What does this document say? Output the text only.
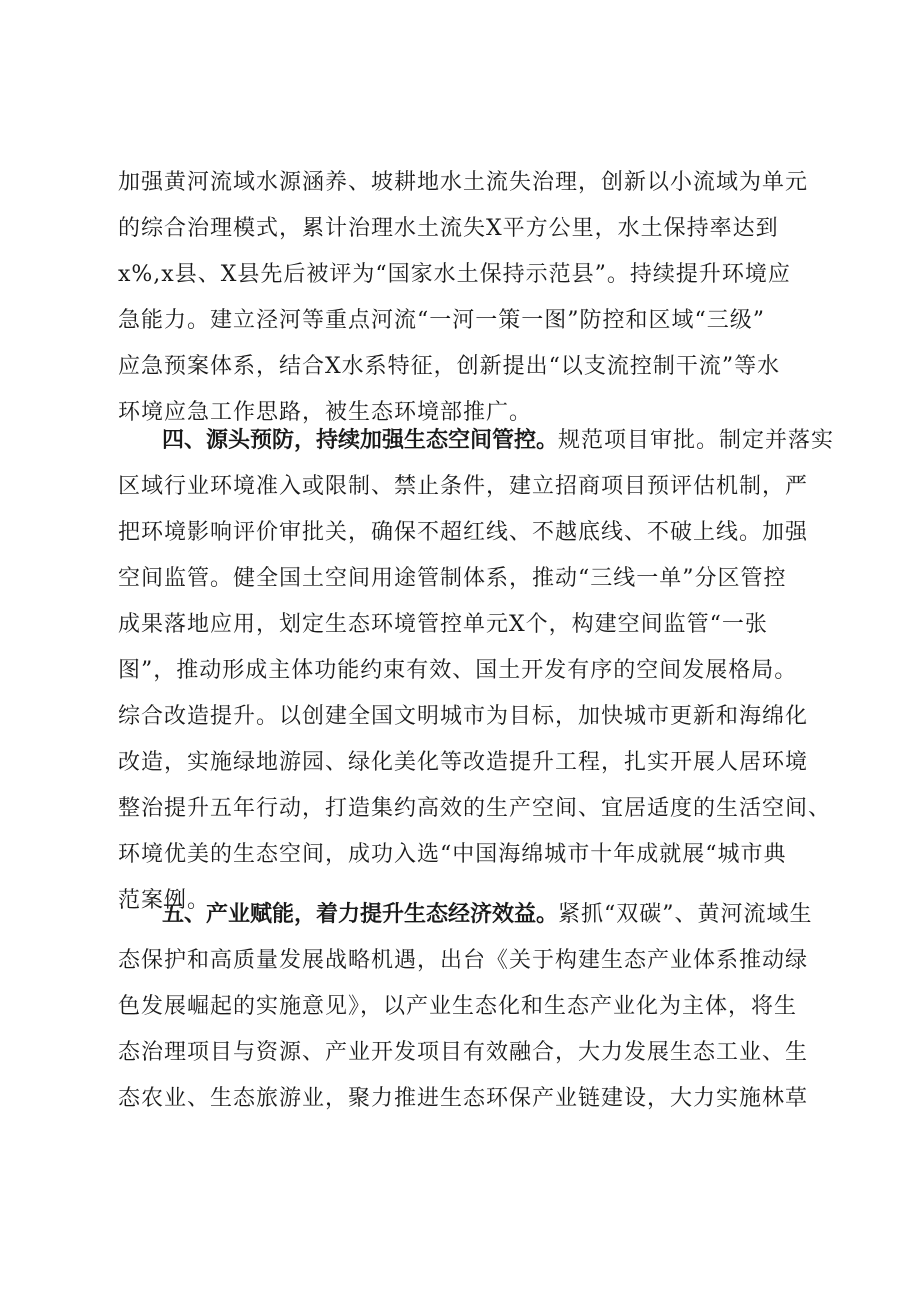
加强黄河流域水源涵养、坡耕地水土流失治理，创新以小流域为单元
的综合治理模式，累计治理水土流失X平方公里，水土保持率达到
x%,x县、X县先后被评为“国家水土保持示范县”。持续提升环境应
急能力。建立泾河等重点河流“一河一策一图”防控和区域“三级”
应急预案体系，结合X水系特征，创新提出“以支流控制干流”等水
环境应急工作思路，被生态环境部推广。
四、源头预防，持续加强生态空间管控。规范项目审批。制定并落实
区域行业环境准入或限制、禁止条件，建立招商项目预评估机制，严
把环境影响评价审批关，确保不超红线、不越底线、不破上线。加强
空间监管。健全国土空间用途管制体系，推动“三线一单”分区管控
成果落地应用，划定生态环境管控单元X个，构建空间监管“一张
图”，推动形成主体功能约束有效、国土开发有序的空间发展格局。
综合改造提升。以创建全国文明城市为目标，加快城市更新和海绵化
改造，实施绿地游园、绿化美化等改造提升工程，扎实开展人居环境
整治提升五年行动，打造集约高效的生产空间、宜居适度的生活空间、
环境优美的生态空间，成功入选“中国海绵城市十年成就展“城市典
范案例。
五、产业赋能，着力提升生态经济效益。紧抓“双碳”、黄河流域生
态保护和高质量发展战略机遇，出台《关于构建生态产业体系推动绿
色发展崛起的实施意见》，以产业生态化和生态产业化为主体，将生
态治理项目与资源、产业开发项目有效融合，大力发展生态工业、生
态农业、生态旅游业，聚力推进生态环保产业链建设，大力实施林草
